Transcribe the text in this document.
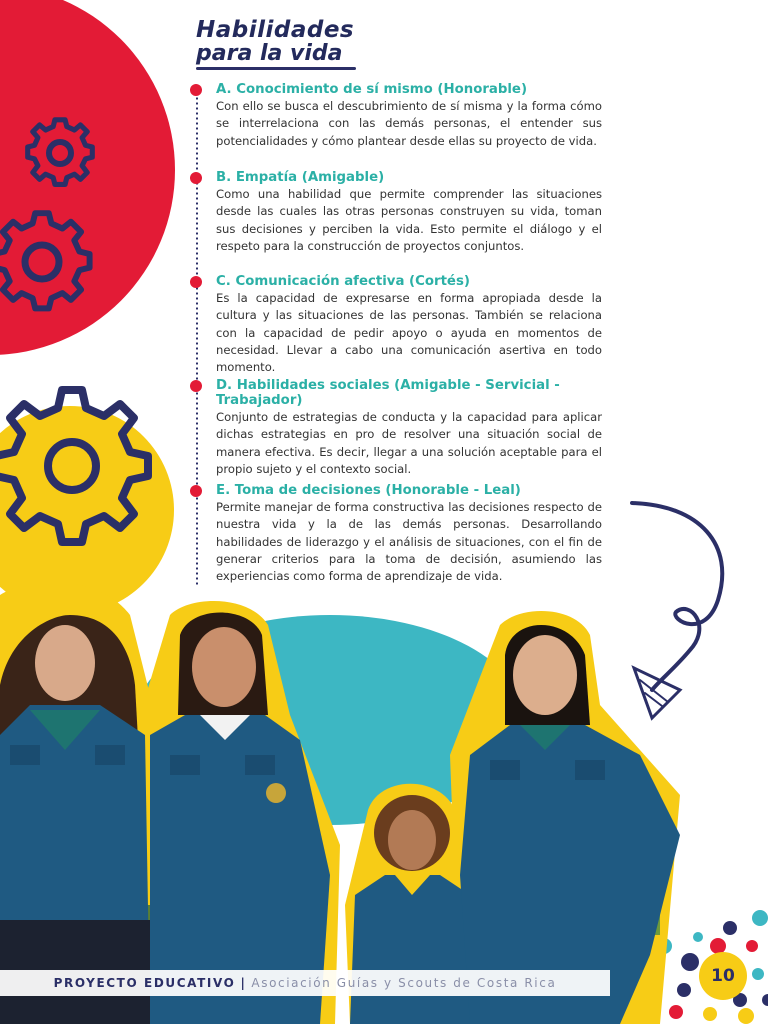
Habilidades
para la vida
A. Conocimiento de sí mismo (Honorable)

Con ello se busca el descubrimiento de sí misma y la forma cómo se interrelaciona con las demás personas, el entender sus potencialidades y cómo plantear desde ellas su proyecto de vida.

B. Empatía (Amigable)

Como una habilidad que permite comprender las situaciones desde las cuales las otras personas construyen su vida, toman sus decisiones y perciben la vida. Esto permite el diálogo y el respeto para la construcción de proyectos conjuntos.

C. Comunicación afectiva (Cortés)

Es la capacidad de expresarse en forma apropiada desde la cultura y las situaciones de las personas. También se relaciona con la capacidad de pedir apoyo o ayuda en momentos de necesidad. Llevar a cabo una comunicación asertiva en todo momento.

D. Habilidades sociales (Amigable - Servicial - Trabajador)

Conjunto de estrategias de conducta y la capacidad para aplicar dichas estrategias en pro de resolver una situación social de manera efectiva. Es decir, llegar a una solución aceptable para el propio sujeto y el contexto social.

E. Toma de decisiones (Honorable - Leal)

Permite manejar de forma constructiva las decisiones respecto de nuestra vida y la de las demás personas. Desarrollando habilidades de liderazgo y el análisis de situaciones, con el fin de generar criterios para la toma de decisión, asumiendo las experiencias como forma de aprendizaje de vida.

PROYECTO EDUCATIVO | Asociación Guías y Scouts de Costa Rica	10
